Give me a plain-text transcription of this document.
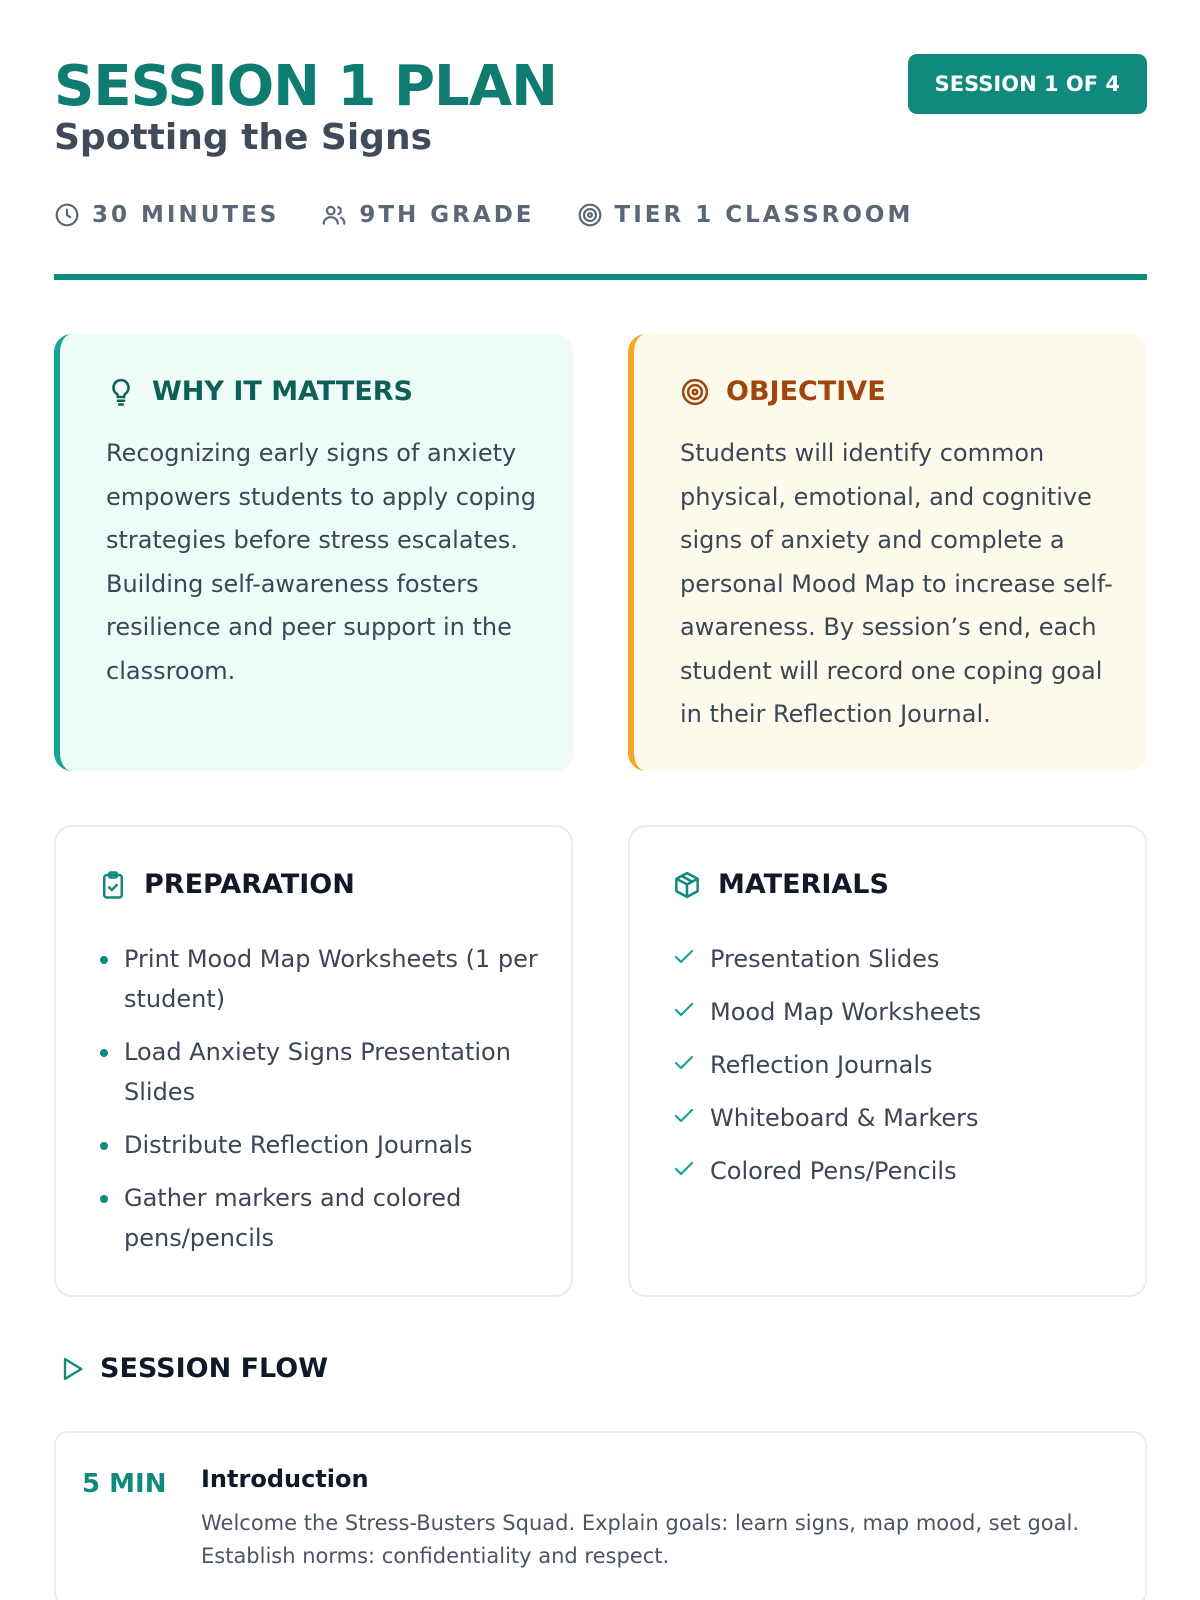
SESSION 1 PLAN
Spotting the Signs
SESSION 1 OF 4
30 MINUTES	9TH GRADE	TIER 1 CLASSROOM
WHY IT MATTERS
Recognizing early signs of anxiety empowers students to apply coping strategies before stress escalates. Building self-awareness fosters resilience and peer support in the classroom.
OBJECTIVE
Students will identify common physical, emotional, and cognitive signs of anxiety and complete a personal Mood Map to increase self-awareness. By session’s end, each student will record one coping goal in their Reflection Journal.
PREPARATION
Print Mood Map Worksheets (1 per student)
Load Anxiety Signs Presentation Slides
Distribute Reflection Journals
Gather markers and colored pens/pencils
MATERIALS
Presentation Slides
Mood Map Worksheets
Reflection Journals
Whiteboard & Markers
Colored Pens/Pencils
SESSION FLOW
5 MIN Introduction
Welcome the Stress-Busters Squad. Explain goals: learn signs, map mood, set goal. Establish norms: confidentiality and respect.
